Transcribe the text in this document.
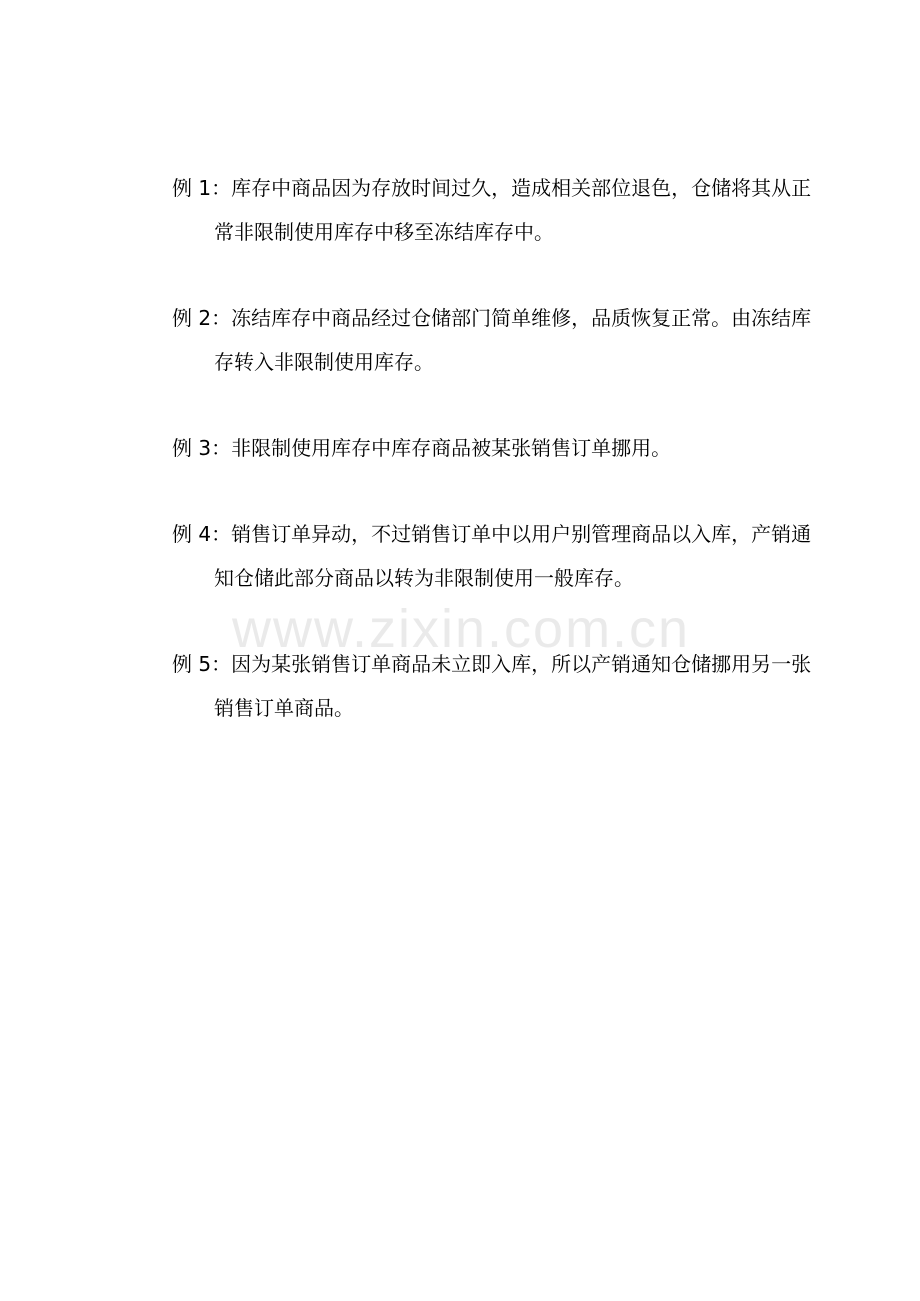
www.zixin.com.cn

例 1：库存中商品因为存放时间过久，造成相关部位退色，仓储将其从正常非限制使用库存中移至冻结库存中。

例 2：冻结库存中商品经过仓储部门简单维修，品质恢复正常。由冻结库存转入非限制使用库存。

例 3：非限制使用库存中库存商品被某张销售订单挪用。

例 4：销售订单异动，不过销售订单中以用户别管理商品以入库，产销通知仓储此部分商品以转为非限制使用一般库存。

例 5：因为某张销售订单商品未立即入库，所以产销通知仓储挪用另一张销售订单商品。
